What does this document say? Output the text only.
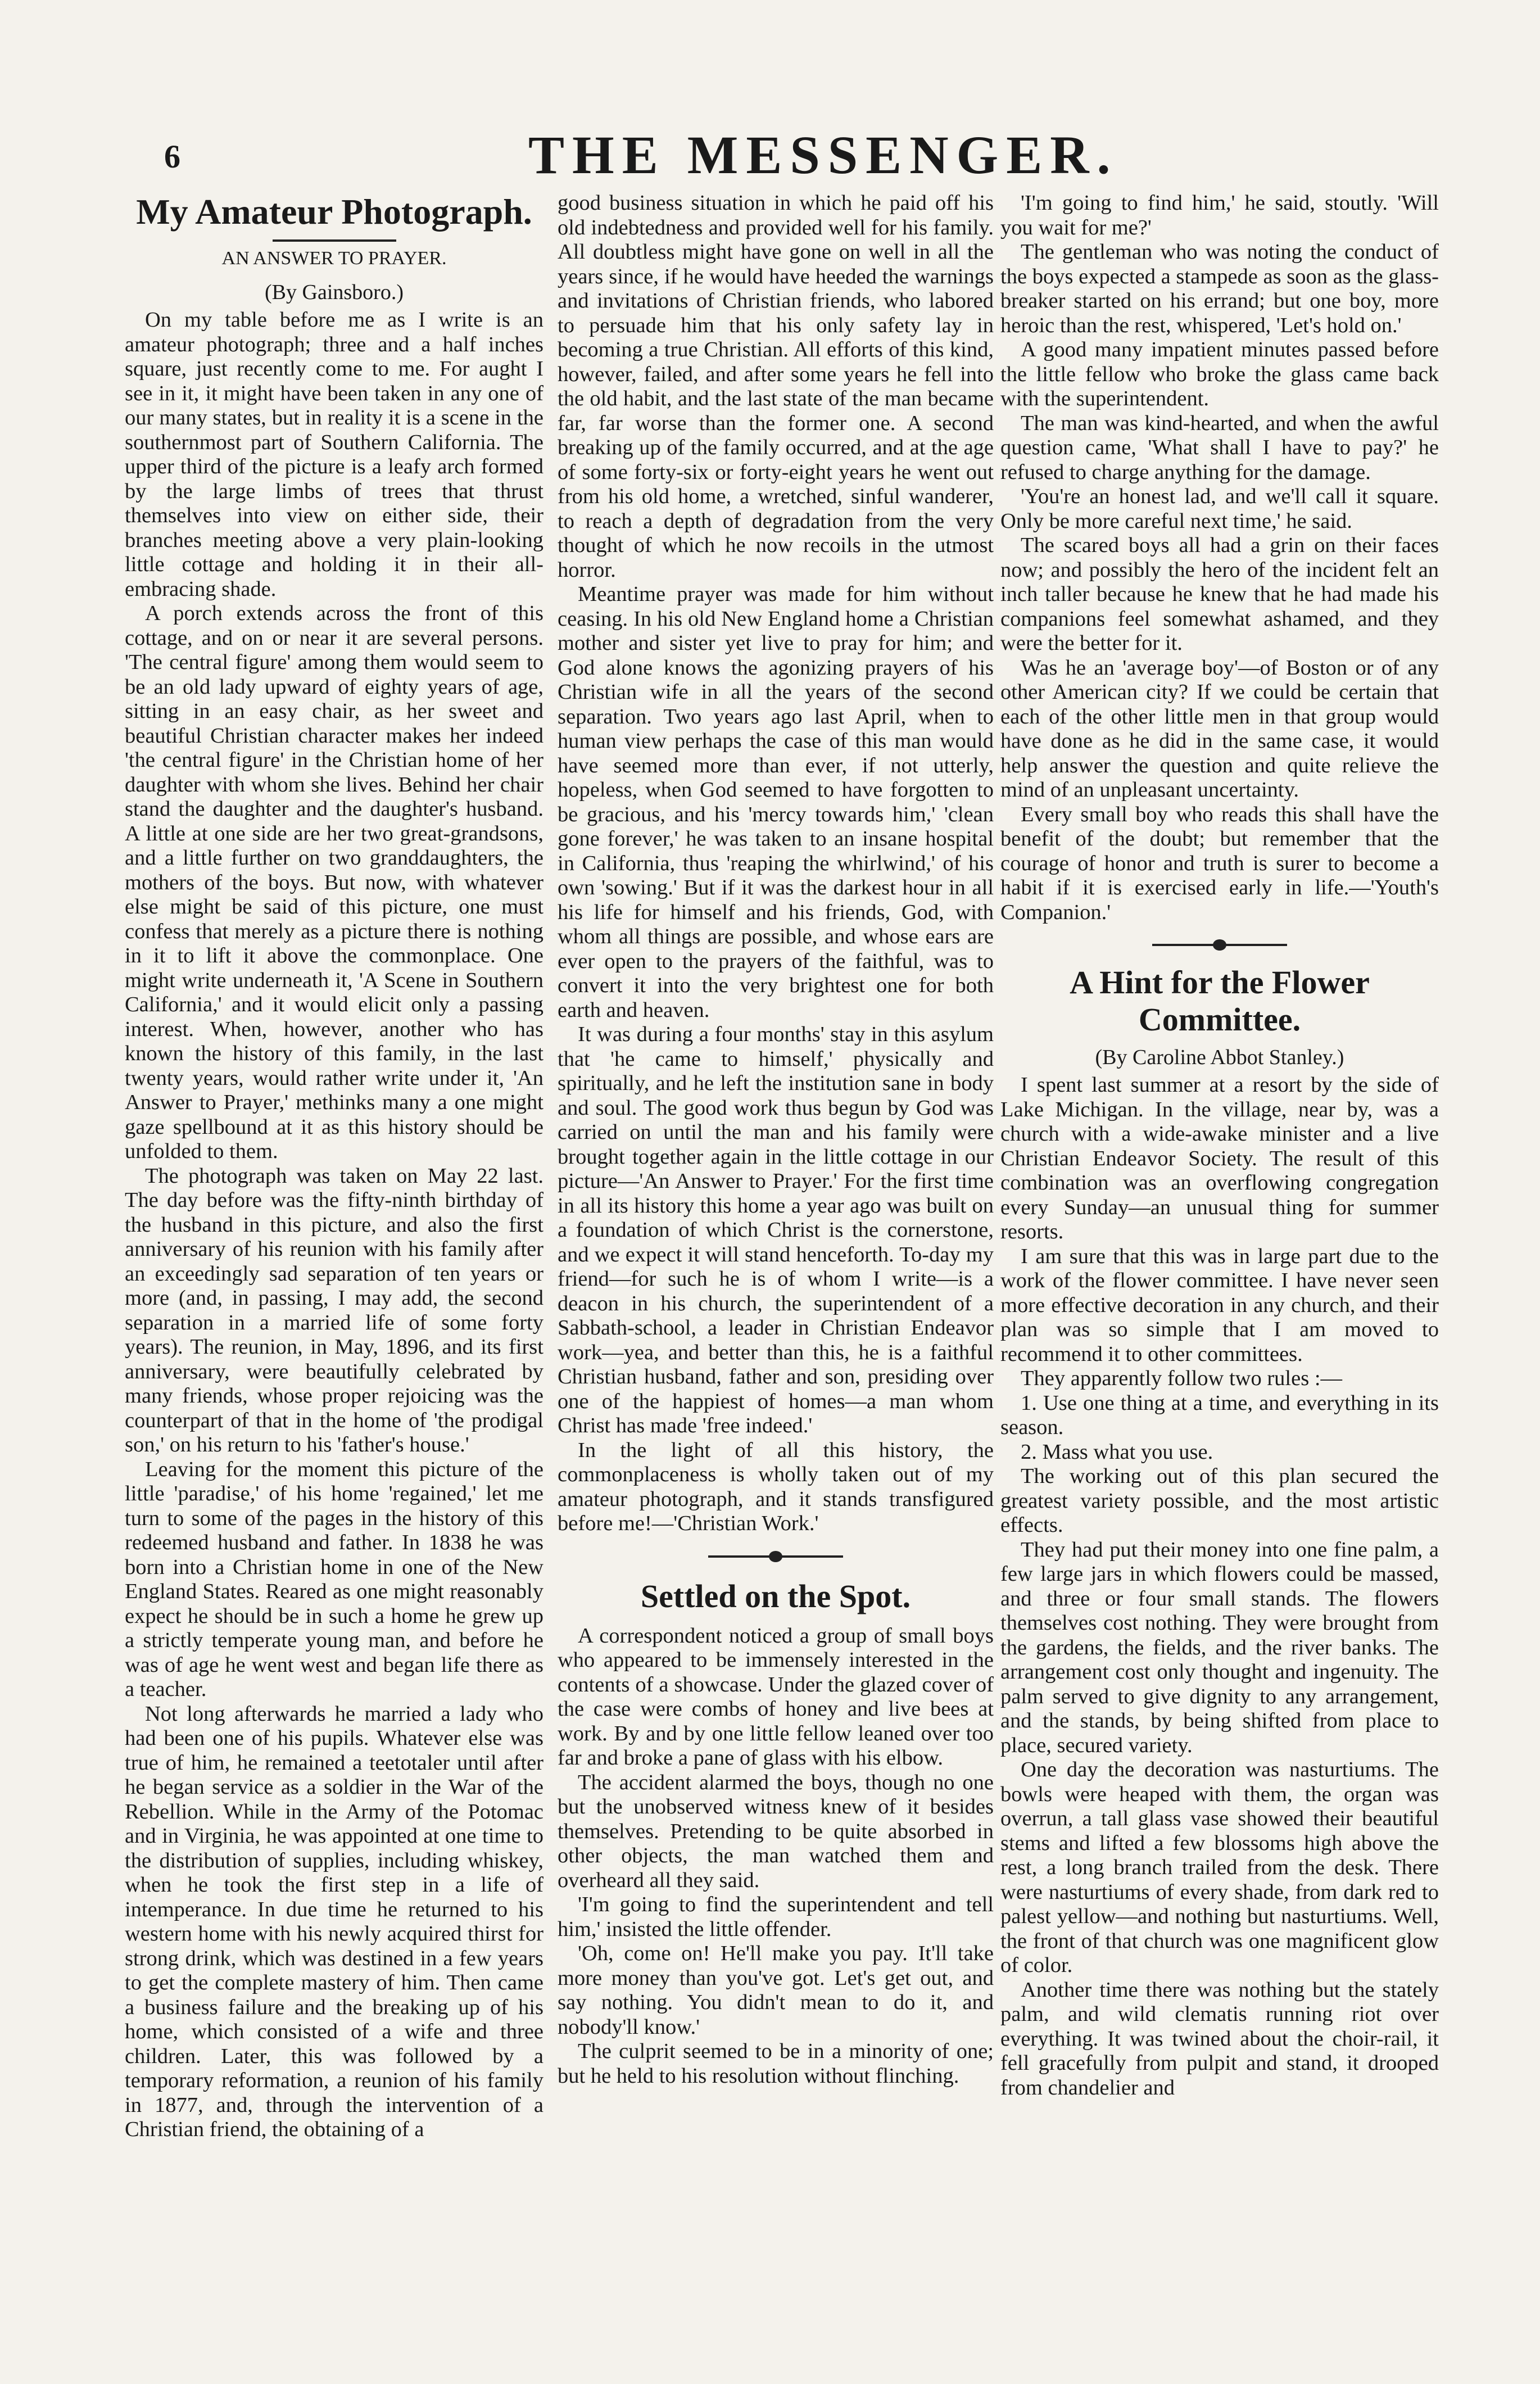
6	THE MESSENGER.
My Amateur Photograph.
AN ANSWER TO PRAYER.
(By Gainsboro.)

On my table before me as I write is an amateur photograph; three and a half inches square, just recently come to me. For aught I see in it, it might have been taken in any one of our many states, but in reality it is a scene in the southernmost part of Southern California. The upper third of the picture is a leafy arch formed by the large limbs of trees that thrust themselves into view on either side, their branches meeting above a very plain-looking little cottage and holding it in their all-embracing shade.

A porch extends across the front of this cottage, and on or near it are several persons. 'The central figure' among them would seem to be an old lady upward of eighty years of age, sitting in an easy chair, as her sweet and beautiful Christian character makes her indeed 'the central figure' in the Christian home of her daughter with whom she lives. Behind her chair stand the daughter and the daughter's husband. A little at one side are her two great-grandsons, and a little further on two granddaughters, the mothers of the boys. But now, with whatever else might be said of this picture, one must confess that merely as a picture there is nothing in it to lift it above the commonplace. One might write underneath it, 'A Scene in Southern California,' and it would elicit only a passing interest. When, however, another who has known the history of this family, in the last twenty years, would rather write under it, 'An Answer to Prayer,' methinks many a one might gaze spellbound at it as this history should be unfolded to them.

The photograph was taken on May 22 last. The day before was the fifty-ninth birthday of the husband in this picture, and also the first anniversary of his reunion with his family after an exceedingly sad separation of ten years or more (and, in passing, I may add, the second separation in a married life of some forty years). The reunion, in May, 1896, and its first anniversary, were beautifully celebrated by many friends, whose proper rejoicing was the counterpart of that in the home of 'the prodigal son,' on his return to his 'father's house.'

Leaving for the moment this picture of the little 'paradise,' of his home 'regained,' let me turn to some of the pages in the history of this redeemed husband and father. In 1838 he was born into a Christian home in one of the New England States. Reared as one might reasonably expect he should be in such a home he grew up a strictly temperate young man, and before he was of age he went west and began life there as a teacher.

Not long afterwards he married a lady who had been one of his pupils. Whatever else was true of him, he remained a teetotaler until after he began service as a soldier in the War of the Rebellion. While in the Army of the Potomac and in Virginia, he was appointed at one time to the distribution of supplies, including whiskey, when he took the first step in a life of intemperance. In due time he returned to his western home with his newly acquired thirst for strong drink, which was destined in a few years to get the complete mastery of him. Then came a business failure and the breaking up of his home, which consisted of a wife and three children. Later, this was followed by a temporary reformation, a reunion of his family in 1877, and, through the intervention of a Christian friend, the obtaining of a

good business situation in which he paid off his old indebtedness and provided well for his family. All doubtless might have gone on well in all the years since, if he would have heeded the warnings and invitations of Christian friends, who labored to persuade him that his only safety lay in becoming a true Christian. All efforts of this kind, however, failed, and after some years he fell into the old habit, and the last state of the man became far, far worse than the former one. A second breaking up of the family occurred, and at the age of some forty-six or forty-eight years he went out from his old home, a wretched, sinful wanderer, to reach a depth of degradation from the very thought of which he now recoils in the utmost horror.

Meantime prayer was made for him without ceasing. In his old New England home a Christian mother and sister yet live to pray for him; and God alone knows the agonizing prayers of his Christian wife in all the years of the second separation. Two years ago last April, when to human view perhaps the case of this man would have seemed more than ever, if not utterly, hopeless, when God seemed to have forgotten to be gracious, and his 'mercy towards him,' 'clean gone forever,' he was taken to an insane hospital in California, thus 'reaping the whirlwind,' of his own 'sowing.' But if it was the darkest hour in all his life for himself and his friends, God, with whom all things are possible, and whose ears are ever open to the prayers of the faithful, was to convert it into the very brightest one for both earth and heaven.

It was during a four months' stay in this asylum that 'he came to himself,' physically and spiritually, and he left the institution sane in body and soul. The good work thus begun by God was carried on until the man and his family were brought together again in the little cottage in our picture—'An Answer to Prayer.' For the first time in all its history this home a year ago was built on a foundation of which Christ is the cornerstone, and we expect it will stand henceforth. To-day my friend—for such he is of whom I write—is a deacon in his church, the superintendent of a Sabbath-school, a leader in Christian Endeavor work—yea, and better than this, he is a faithful Christian husband, father and son, presiding over one of the happiest of homes—a man whom Christ has made 'free indeed.'

In the light of all this history, the commonplaceness is wholly taken out of my amateur photograph, and it stands transfigured before me!—'Christian Work.'

Settled on the Spot.

A correspondent noticed a group of small boys who appeared to be immensely interested in the contents of a showcase. Under the glazed cover of the case were combs of honey and live bees at work. By and by one little fellow leaned over too far and broke a pane of glass with his elbow.

The accident alarmed the boys, though no one but the unobserved witness knew of it besides themselves. Pretending to be quite absorbed in other objects, the man watched them and overheard all they said.

'I'm going to find the superintendent and tell him,' insisted the little offender.

'Oh, come on! He'll make you pay. It'll take more money than you've got. Let's get out, and say nothing. You didn't mean to do it, and nobody'll know.'

The culprit seemed to be in a minority of one; but he held to his resolution without flinching.

'I'm going to find him,' he said, stoutly. 'Will you wait for me?'

The gentleman who was noting the conduct of the boys expected a stampede as soon as the glass-breaker started on his errand; but one boy, more heroic than the rest, whispered, 'Let's hold on.'

A good many impatient minutes passed before the little fellow who broke the glass came back with the superintendent.

The man was kind-hearted, and when the awful question came, 'What shall I have to pay?' he refused to charge anything for the damage.

'You're an honest lad, and we'll call it square. Only be more careful next time,' he said.

The scared boys all had a grin on their faces now; and possibly the hero of the incident felt an inch taller because he knew that he had made his companions feel somewhat ashamed, and they were the better for it.

Was he an 'average boy'—of Boston or of any other American city? If we could be certain that each of the other little men in that group would have done as he did in the same case, it would help answer the question and quite relieve the mind of an unpleasant uncertainty.

Every small boy who reads this shall have the benefit of the doubt; but remember that the courage of honor and truth is surer to become a habit if it is exercised early in life.—'Youth's Companion.'

A Hint for the Flower Committee.
(By Caroline Abbot Stanley.)

I spent last summer at a resort by the side of Lake Michigan. In the village, near by, was a church with a wide-awake minister and a live Christian Endeavor Society. The result of this combination was an overflowing congregation every Sunday—an unusual thing for summer resorts.

I am sure that this was in large part due to the work of the flower committee. I have never seen more effective decoration in any church, and their plan was so simple that I am moved to recommend it to other committees.

They apparently follow two rules :—

1. Use one thing at a time, and everything in its season.

2. Mass what you use.

The working out of this plan secured the greatest variety possible, and the most artistic effects.

They had put their money into one fine palm, a few large jars in which flowers could be massed, and three or four small stands. The flowers themselves cost nothing. They were brought from the gardens, the fields, and the river banks. The arrangement cost only thought and ingenuity. The palm served to give dignity to any arrangement, and the stands, by being shifted from place to place, secured variety.

One day the decoration was nasturtiums. The bowls were heaped with them, the organ was overrun, a tall glass vase showed their beautiful stems and lifted a few blossoms high above the rest, a long branch trailed from the desk. There were nasturtiums of every shade, from dark red to palest yellow—and nothing but nasturtiums. Well, the front of that church was one magnificent glow of color.

Another time there was nothing but the stately palm, and wild clematis running riot over everything. It was twined about the choir-rail, it fell gracefully from pulpit and stand, it drooped from chandelier and
